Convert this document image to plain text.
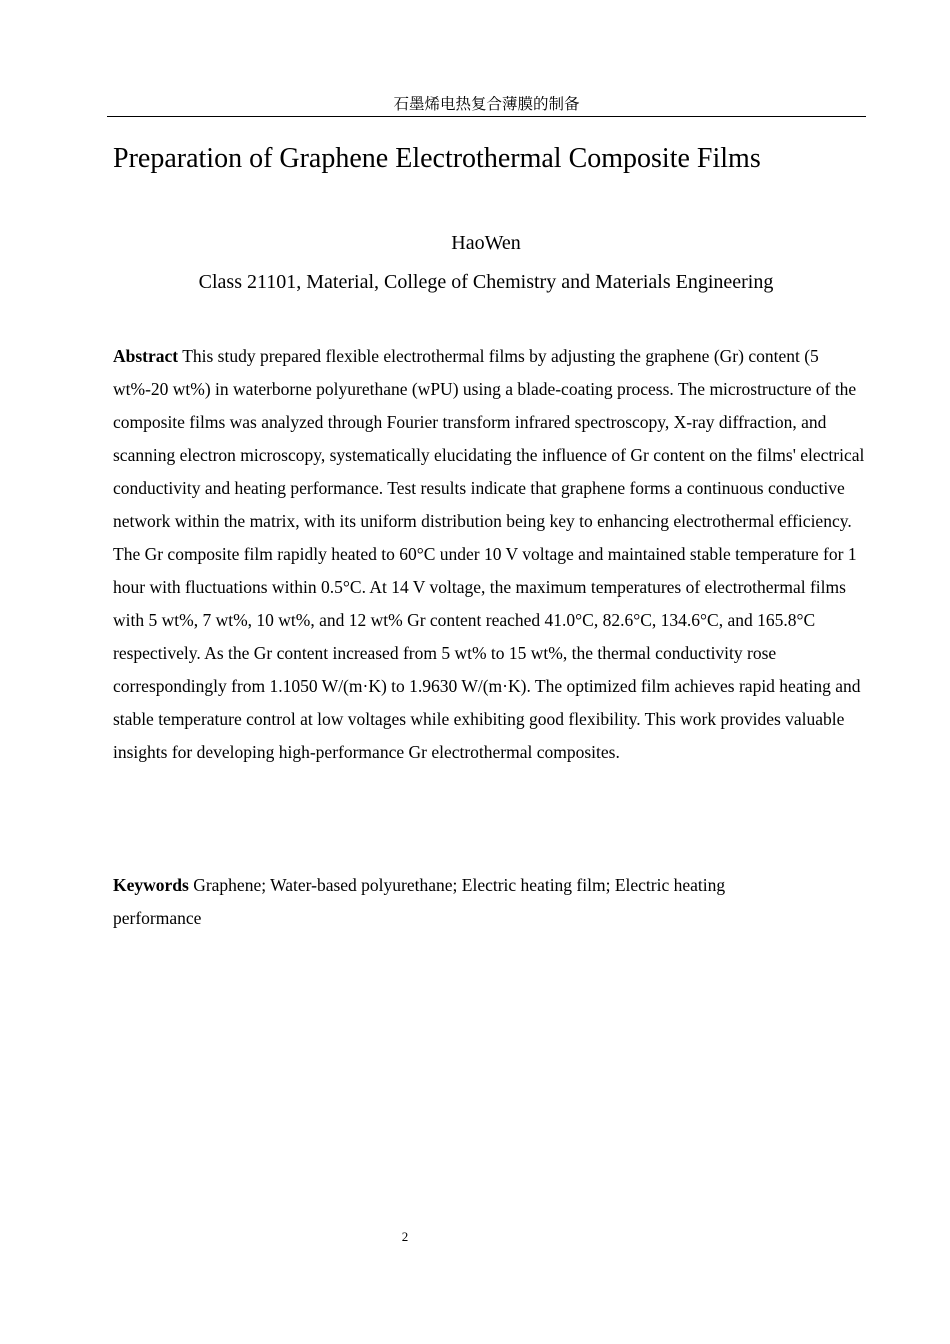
石墨烯电热复合薄膜的制备
Preparation of Graphene Electrothermal Composite Films
HaoWen
Class 21101, Material, College of Chemistry and Materials Engineering

Abstract This study prepared flexible electrothermal films by adjusting the graphene (Gr) content (5 wt%-20 wt%) in waterborne polyurethane (wPU) using a blade-coating process. The microstructure of the composite films was analyzed through Fourier transform infrared spectroscopy, X-ray diffraction, and scanning electron microscopy, systematically elucidating the influence of Gr content on the films' electrical conductivity and heating performance. Test results indicate that graphene forms a continuous conductive network within the matrix, with its uniform distribution being key to enhancing electrothermal efficiency. The Gr composite film rapidly heated to 60°C under 10 V voltage and maintained stable temperature for 1 hour with fluctuations within 0.5°C. At 14 V voltage, the maximum temperatures of electrothermal films with 5 wt%, 7 wt%, 10 wt%, and 12 wt% Gr content reached 41.0°C, 82.6°C, 134.6°C, and 165.8°C respectively. As the Gr content increased from 5 wt% to 15 wt%, the thermal conductivity rose correspondingly from 1.1050 W/(m·K) to 1.9630 W/(m·K). The optimized film achieves rapid heating and stable temperature control at low voltages while exhibiting good flexibility. This work provides valuable insights for developing high-performance Gr electrothermal composites.

Keywords Graphene; Water-based polyurethane; Electric heating film; Electric heating performance

2
